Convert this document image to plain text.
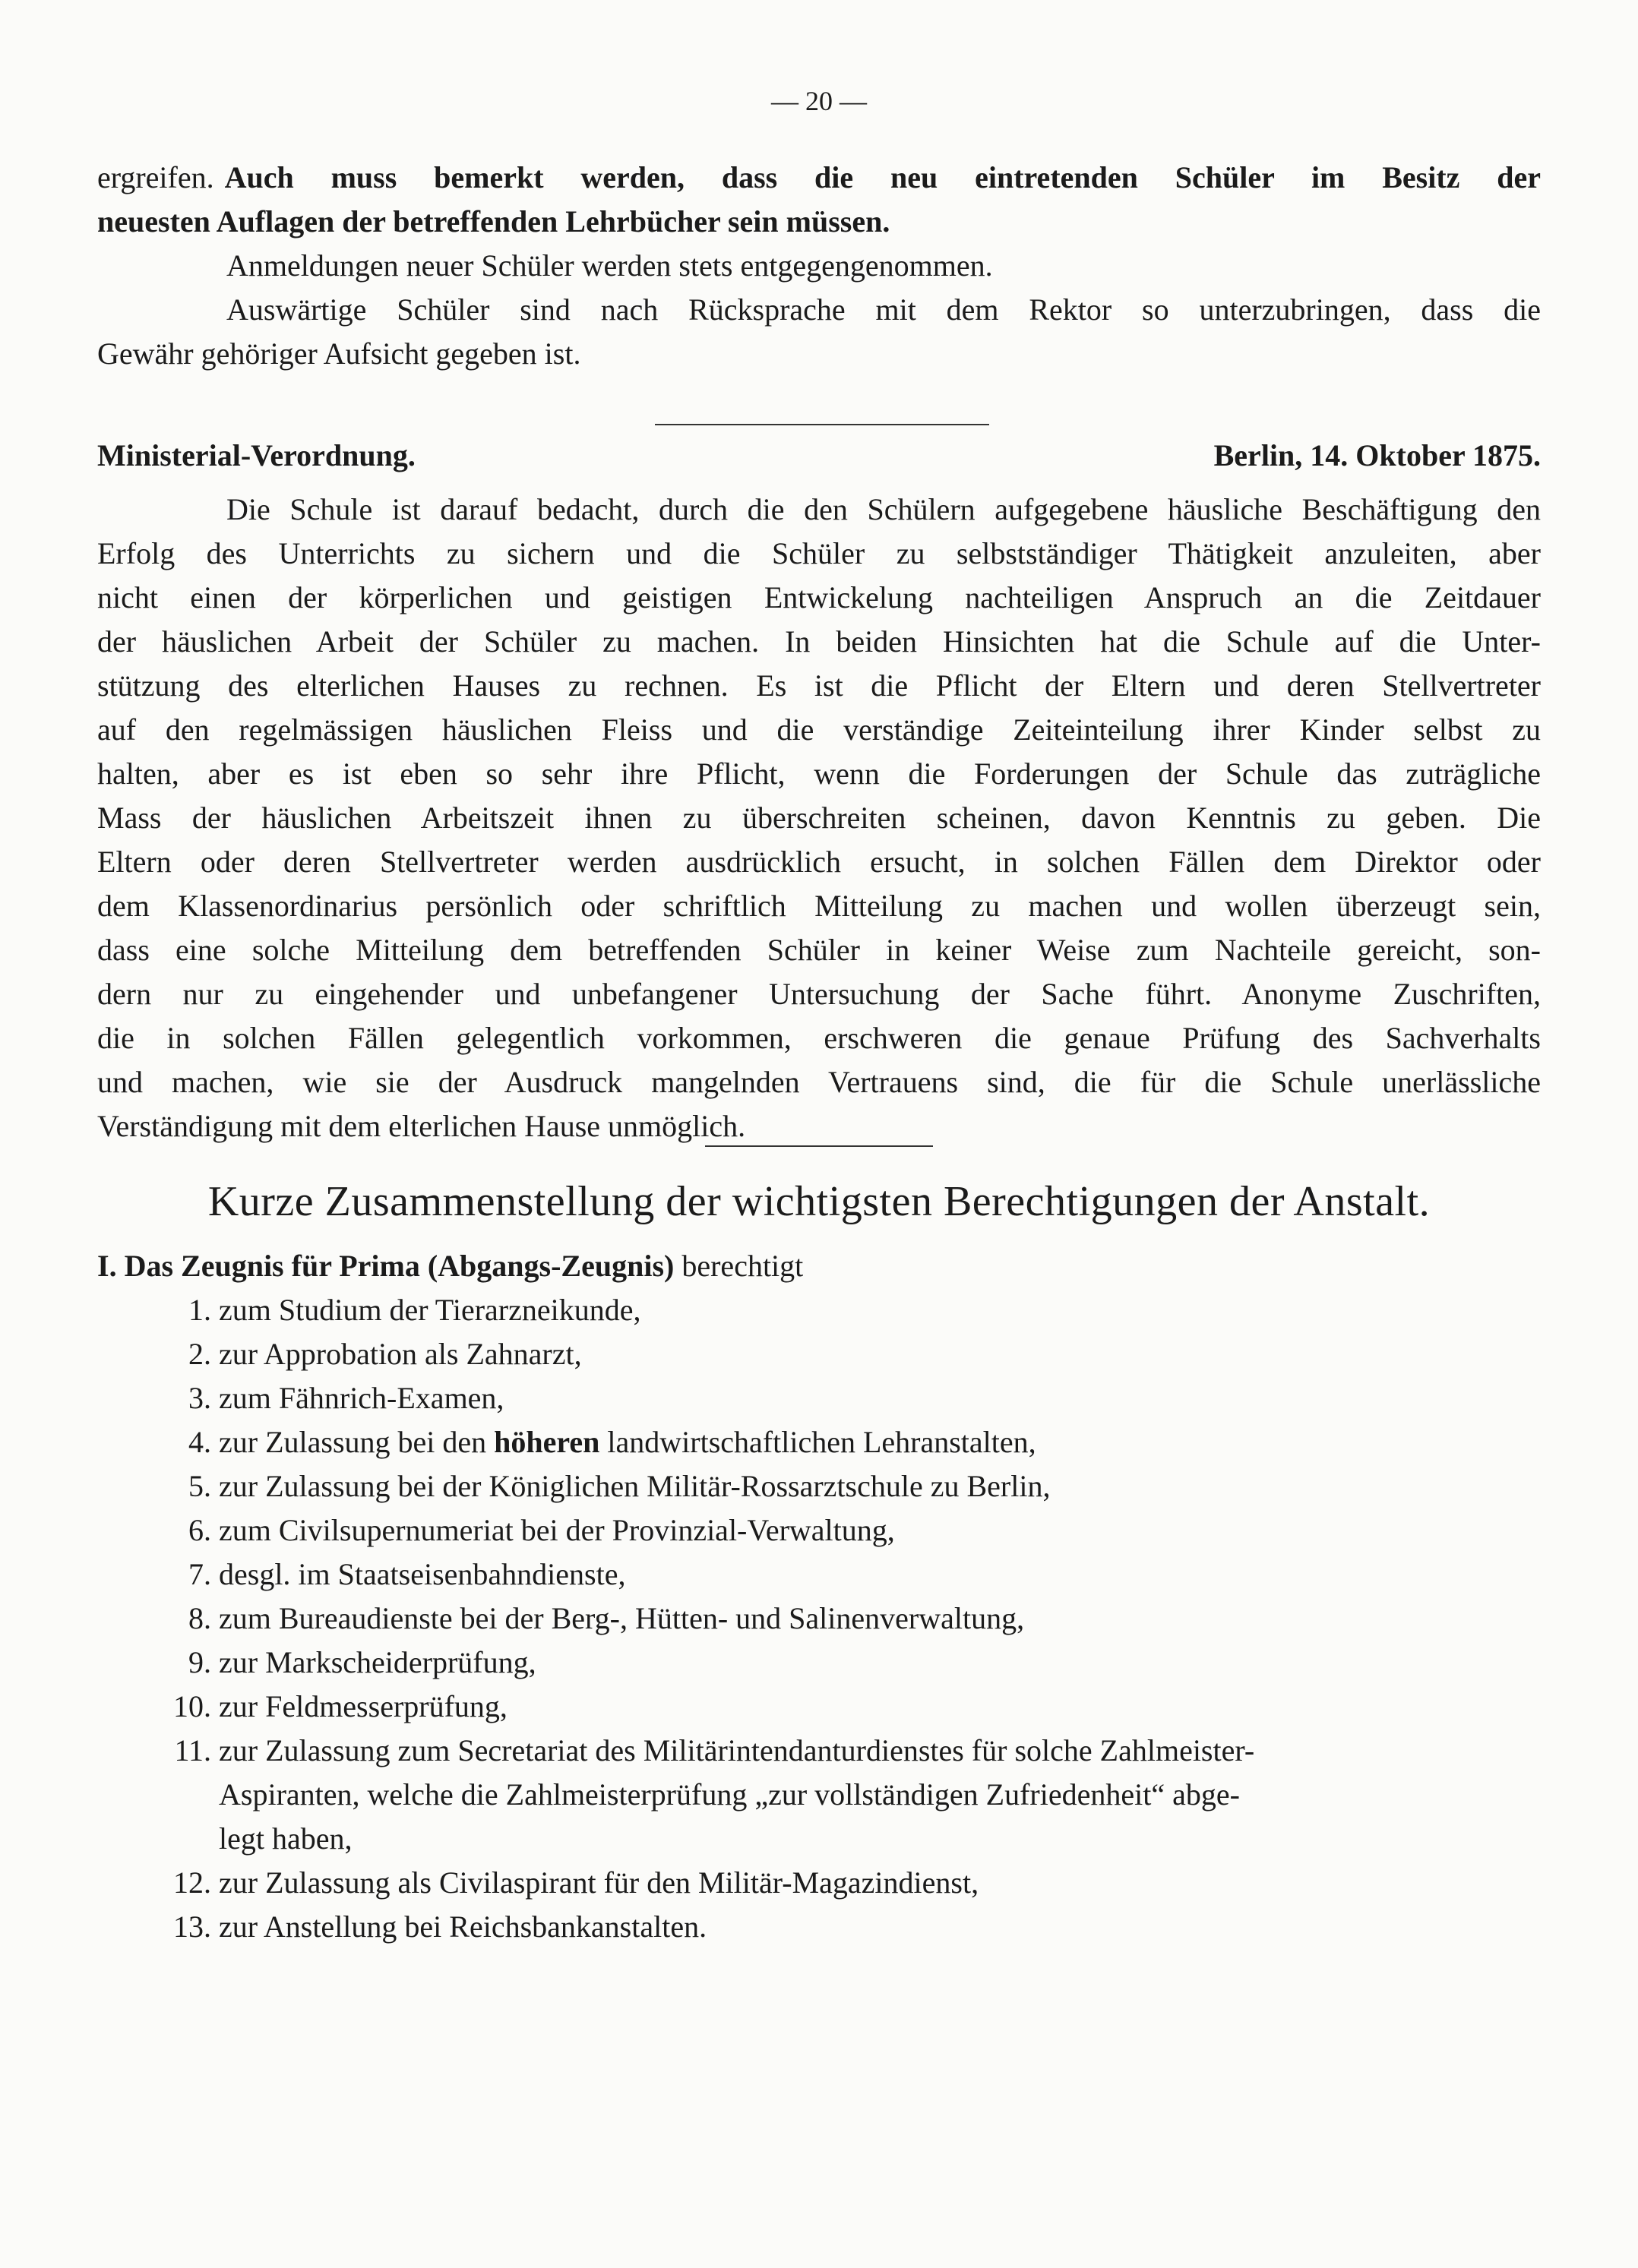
— 20 —
ergreifen. Auch muss bemerkt werden, dass die neu eintretenden Schüler im Besitz der
neuesten Auflagen der betreffenden Lehrbücher sein müssen.
Anmeldungen neuer Schüler werden stets entgegengenommen.
Auswärtige Schüler sind nach Rücksprache mit dem Rektor so unterzubringen, dass die
Gewähr gehöriger Aufsicht gegeben ist.
Ministerial-Verordnung.	Berlin, 14. Oktober 1875.
Die Schule ist darauf bedacht, durch die den Schülern aufgegebene häusliche Beschäftigung den
Erfolg des Unterrichts zu sichern und die Schüler zu selbstständiger Thätigkeit anzuleiten, aber
nicht einen der körperlichen und geistigen Entwickelung nachteiligen Anspruch an die Zeitdauer
der häuslichen Arbeit der Schüler zu machen. In beiden Hinsichten hat die Schule auf die Unter-
stützung des elterlichen Hauses zu rechnen. Es ist die Pflicht der Eltern und deren Stellvertreter
auf den regelmässigen häuslichen Fleiss und die verständige Zeiteinteilung ihrer Kinder selbst zu
halten, aber es ist eben so sehr ihre Pflicht, wenn die Forderungen der Schule das zuträgliche
Mass der häuslichen Arbeitszeit ihnen zu überschreiten scheinen, davon Kenntnis zu geben. Die
Eltern oder deren Stellvertreter werden ausdrücklich ersucht, in solchen Fällen dem Direktor oder
dem Klassenordinarius persönlich oder schriftlich Mitteilung zu machen und wollen überzeugt sein,
dass eine solche Mitteilung dem betreffenden Schüler in keiner Weise zum Nachteile gereicht, son-
dern nur zu eingehender und unbefangener Untersuchung der Sache führt. Anonyme Zuschriften,
die in solchen Fällen gelegentlich vorkommen, erschweren die genaue Prüfung des Sachverhalts
und machen, wie sie der Ausdruck mangelnden Vertrauens sind, die für die Schule unerlässliche
Verständigung mit dem elterlichen Hause unmöglich.
Kurze Zusammenstellung der wichtigsten Berechtigungen der Anstalt.
I. Das Zeugnis für Prima (Abgangs-Zeugnis) berechtigt
1. zum Studium der Tierarzneikunde,
2. zur Approbation als Zahnarzt,
3. zum Fähnrich-Examen,
4. zur Zulassung bei den höheren landwirtschaftlichen Lehranstalten,
5. zur Zulassung bei der Königlichen Militär-Rossarztschule zu Berlin,
6. zum Civilsupernumeriat bei der Provinzial-Verwaltung,
7. desgl. im Staatseisenbahndienste,
8. zum Bureaudienste bei der Berg-, Hütten- und Salinenverwaltung,
9. zur Markscheiderprüfung,
10. zur Feldmesserprüfung,
11. zur Zulassung zum Secretariat des Militärintendanturdienstes für solche Zahlmeister-
Aspiranten, welche die Zahlmeisterprüfung „zur vollständigen Zufriedenheit“ abge-
legt haben,
12. zur Zulassung als Civilaspirant für den Militär-Magazindienst,
13. zur Anstellung bei Reichsbankanstalten.
